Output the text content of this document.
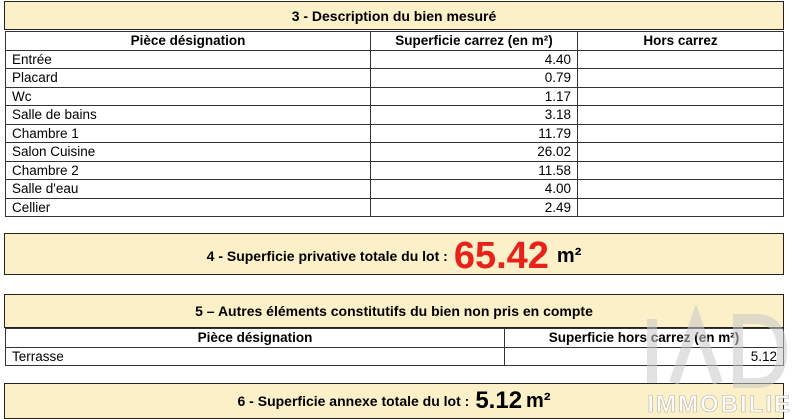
3 - Description du bien mesuré
Pièce désignation	Superficie carrez (en m²)	Hors carrez
Entrée	4.40	
Placard	0.79	
Wc	1.17	
Salle de bains	3.18	
Chambre 1	11.79	
Salon Cuisine	26.02	
Chambre 2	11.58	
Salle d'eau	4.00	
Cellier	2.49	
4 - Superficie privative totale du lot : 65.42 m²
5 – Autres éléments constitutifs du bien non pris en compte
Pièce désignation	Superficie hors carrez (en m²)
Terrasse	5.12
6 - Superficie annexe totale du lot : 5.12 m²	IMMOBILIE
